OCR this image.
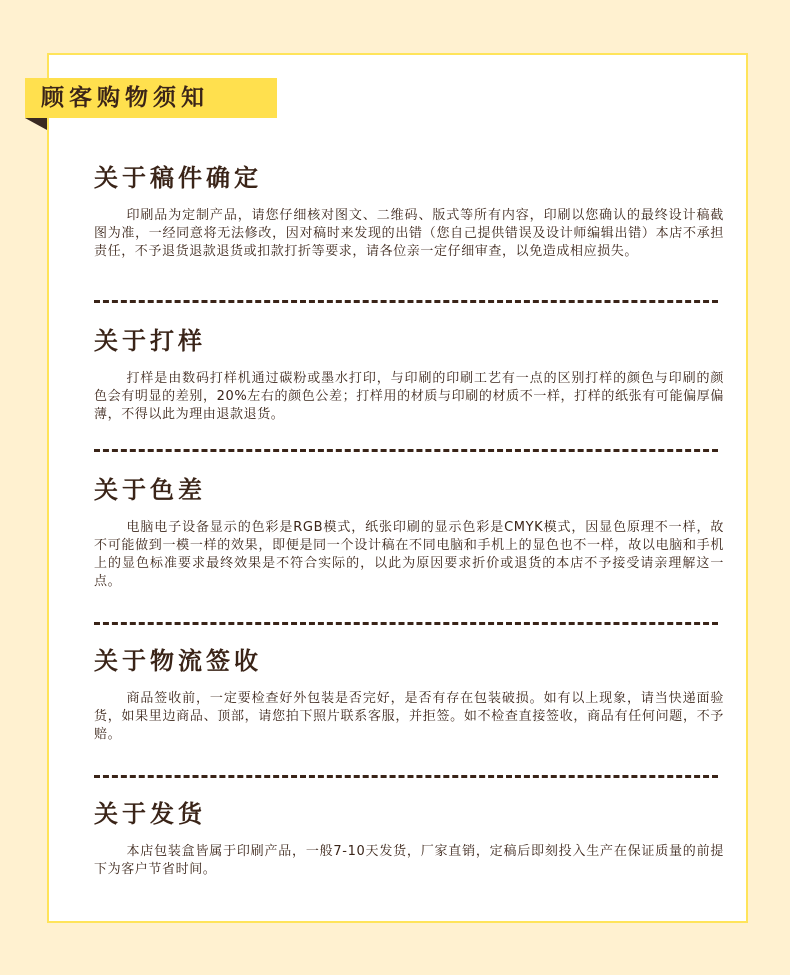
顾客购物须知
关于稿件确定

印刷品为定制产品，请您仔细核对图文、二维码、版式等所有内容，印刷以您确认的最终设计稿截图为准，一经同意将无法修改，因对稿时来发现的出错（您自己提供错误及设计师编辑出错）本店不承担责任，不予退货退款退货或扣款打折等要求，请各位亲一定仔细审查，以免造成相应损失。

关于打样

打样是由数码打样机通过碳粉或墨水打印，与印刷的印刷工艺有一点的区别打样的颜色与印刷的颜色会有明显的差别，20%左右的颜色公差；打样用的材质与印刷的材质不一样，打样的纸张有可能偏厚偏薄，不得以此为理由退款退货。

关于色差

电脑电子设备显示的色彩是RGB模式，纸张印刷的显示色彩是CMYK模式，因显色原理不一样，故不可能做到一模一样的效果，即便是同一个设计稿在不同电脑和手机上的显色也不一样，故以电脑和手机上的显色标准要求最终效果是不符合实际的，以此为原因要求折价或退货的本店不予接受请亲理解这一点。

关于物流签收

商品签收前，一定要检查好外包装是否完好，是否有存在包装破损。如有以上现象，请当快递面验货，如果里边商品、顶部，请您拍下照片联系客服，并拒签。如不检查直接签收，商品有任何问题，不予赔。

关于发货

本店包装盒皆属于印刷产品，一般7-10天发货，厂家直销，定稿后即刻投入生产在保证质量的前提下为客户节省时间。
